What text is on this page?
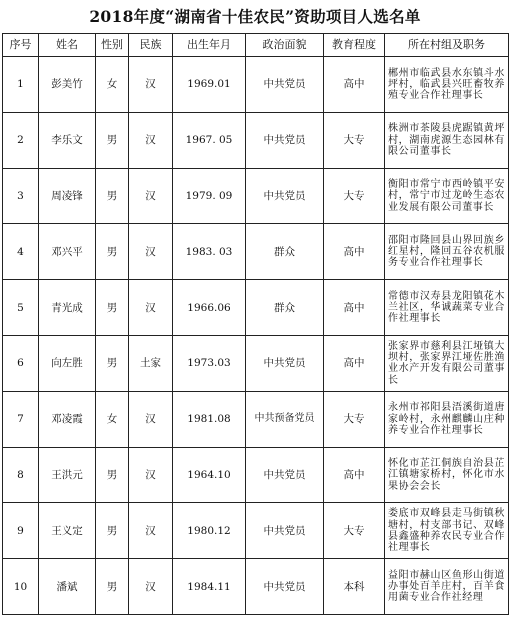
2018年度“湖南省十佳农民”资助项目人选名单
序号	姓名	性别	民族	出生年月	政治面貌	教育程度	所在村组及职务
1	彭美竹	女	汉	1969.01	中共党员	高中	郴州市临武县水东镇斗水坪村，临武县兴旺畜牧养殖专业合作社理事长
2	李乐文	男	汉	1967. 05	中共党员	大专	株洲市茶陵县虎踞镇黄坪村，湖南虎源生态园林有限公司董事长
3	周凌锋	男	汉	1979. 09	中共党员	大专	衡阳市常宁市西岭镇平安村，常宁市过龙岭生态农业发展有限公司董事长
4	邓兴平	男	汉	1983. 03	群众	高中	邵阳市隆回县山界回族乡红星村，隆回五谷农机服务专业合作社理事长
5	青光成	男	汉	1966.06	群众	高中	常德市汉寿县龙阳镇花木兰社区，华诚蔬菜专业合作社理事长
6	向左胜	男	土家	1973.03	中共党员	高中	张家界市慈利县江垭镇大坝村，张家界江垭佐胜渔业水产开发有限公司董事长
7	邓凌霞	女	汉	1981.08	中共预备党员	大专	永州市祁阳县浯溪街道唐家岭村，永州麒麟山庄种养专业合作社理事长
8	王洪元	男	汉	1964.10	中共党员	高中	怀化市芷江侗族自治县芷江镇塘家桥村，怀化市水果协会会长
9	王义定	男	汉	1980.12	中共党员	大专	娄底市双峰县走马街镇秋塘村，村支部书记、双峰县鑫盛种养农民专业合作社理事长
10	潘斌	男	汉	1984.11	中共党员	本科	益阳市赫山区鱼形山街道办事处百羊庄村，百羊食用菌专业合作社经理
